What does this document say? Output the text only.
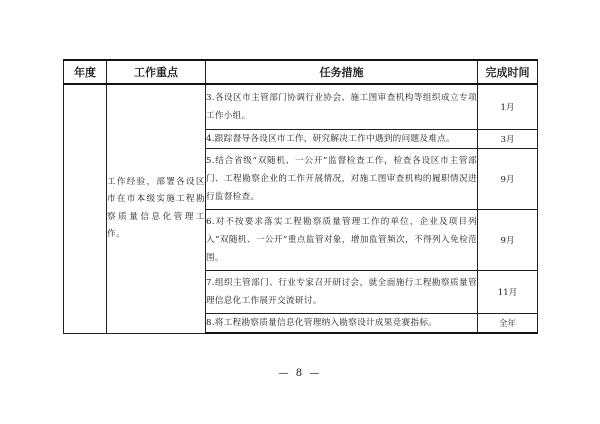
年度	工作重点	任务措施	完成时间
	工作经验，部署各设区市在市本级实施工程勘察质量信息化管理工作。	3.各设区市主管部门协调行业协会、施工图审查机构等组织成立专项工作小组。	1月
		4.跟踪督导各设区市工作，研究解决工作中遇到的问题及难点。	3月
		5.结合省级“双随机、一公开”监督检查工作，检查各设区市主管部门、工程勘察企业的工作开展情况，对施工图审查机构的履职情况进行监督检查。	9月
		6.对不按要求落实工程勘察质量管理工作的单位，企业及项目列入“双随机、一公开”重点监管对象，增加监管频次，不得列入免检范围。	9月
		7.组织主管部门、行业专家召开研讨会，就全面施行工程勘察质量管理信息化工作展开交流研讨。	11月
		8.将工程勘察质量信息化管理纳入勘察设计成果竞赛指标。	全年
— 8 —
